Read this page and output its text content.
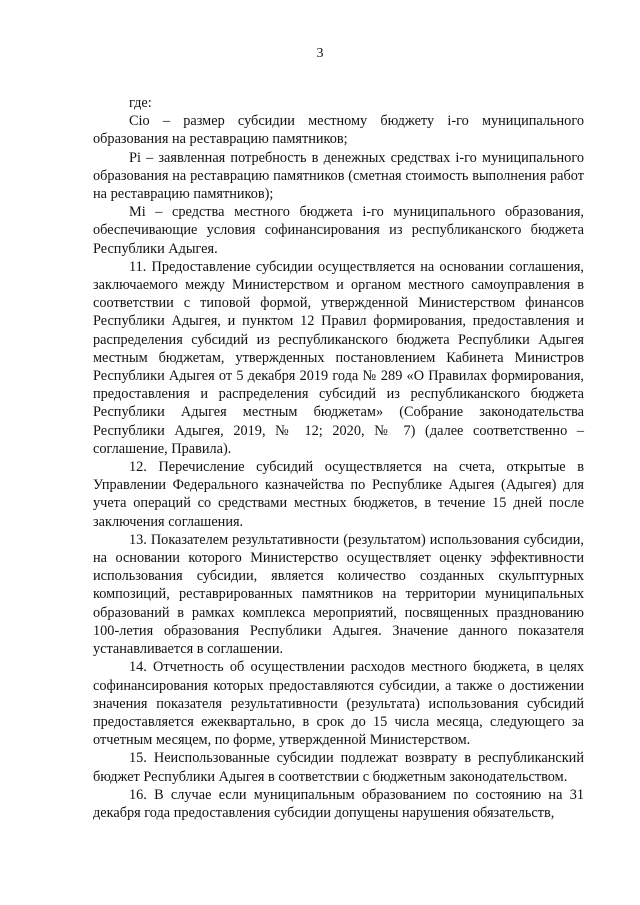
3

где:

Сiо – размер субсидии местному бюджету i-го муниципального образования на реставрацию памятников;

Рi – заявленная потребность в денежных средствах i-го муниципального образования на реставрацию памятников (сметная стоимость выполнения работ на реставрацию памятников);

Мi – средства местного бюджета i-го муниципального образования, обеспечивающие условия софинансирования из республиканского бюджета Республики Адыгея.

11. Предоставление субсидии осуществляется на основании соглашения, заключаемого между Министерством и органом местного самоуправления в соответствии с типовой формой, утвержденной Министерством финансов Республики Адыгея, и пунктом 12 Правил формирования, предоставления и распределения субсидий из республиканского бюджета Республики Адыгея местным бюджетам, утвержденных постановлением Кабинета Министров Республики Адыгея от 5 декабря 2019 года № 289 «О Правилах формирования, предоставления и распределения субсидий из республиканского бюджета Республики Адыгея местным бюджетам» (Собрание законодательства Республики Адыгея, 2019, № 12; 2020, № 7) (далее соответственно – соглашение, Правила).

12. Перечисление субсидий осуществляется на счета, открытые в Управлении Федерального казначейства по Республике Адыгея (Адыгея) для учета операций со средствами местных бюджетов, в течение 15 дней после заключения соглашения.

13. Показателем результативности (результатом) использования субсидии, на основании которого Министерство осуществляет оценку эффективности использования субсидии, является количество созданных скульптурных композиций, реставрированных памятников на территории муниципальных образований в рамках комплекса мероприятий, посвященных празднованию 100-летия образования Республики Адыгея. Значение данного показателя устанавливается в соглашении.

14. Отчетность об осуществлении расходов местного бюджета, в целях софинансирования которых предоставляются субсидии, а также о достижении значения показателя результативности (результата) использования субсидий предоставляется ежеквартально, в срок до 15 числа месяца, следующего за отчетным месяцем, по форме, утвержденной Министерством.

15. Неиспользованные субсидии подлежат возврату в республиканский бюджет Республики Адыгея в соответствии с бюджетным законодательством.

16. В случае если муниципальным образованием по состоянию на 31 декабря года предоставления субсидии допущены нарушения обязательств,
